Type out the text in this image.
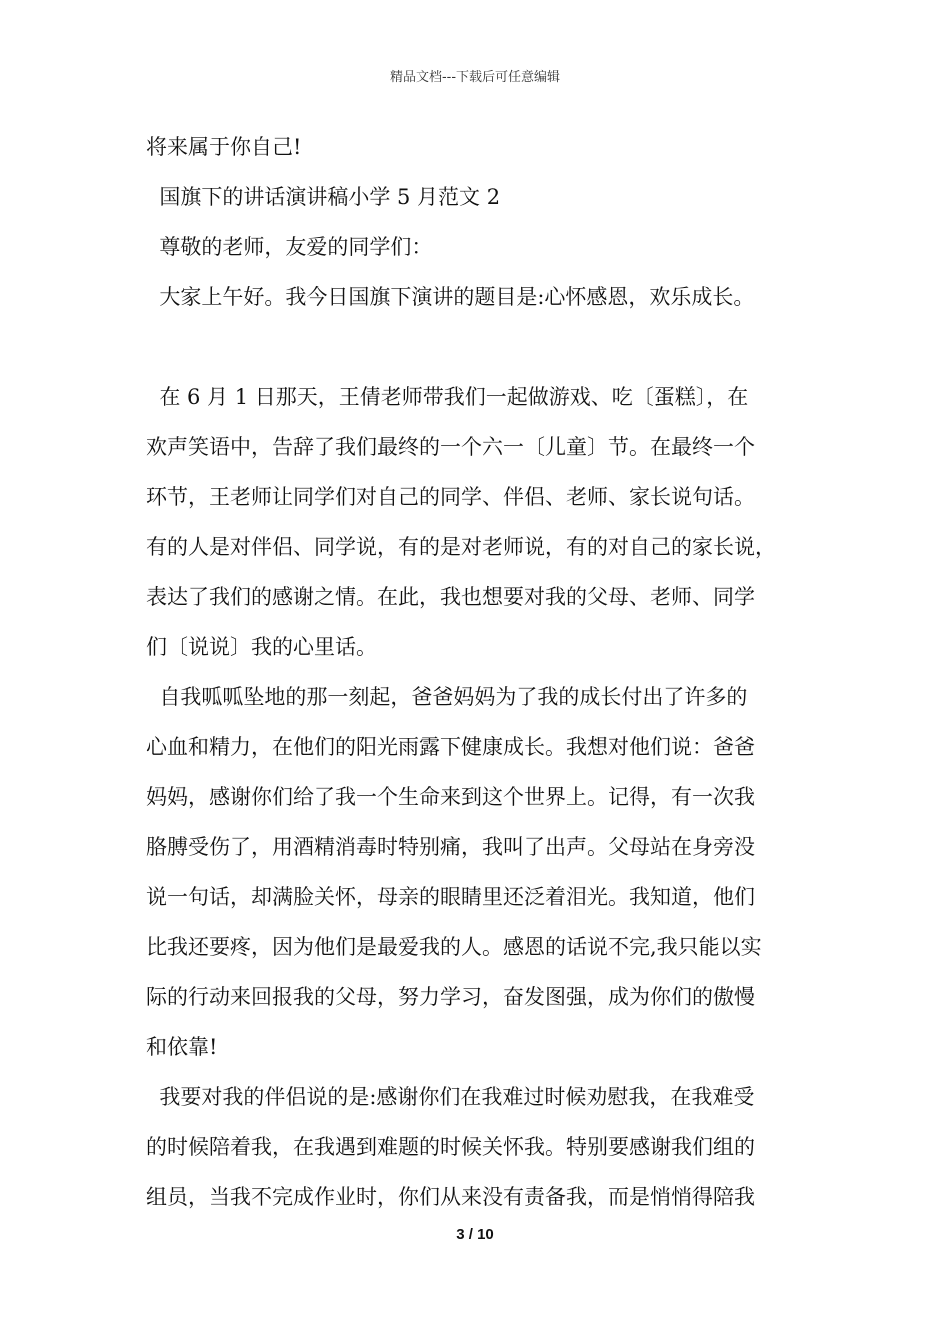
精品文档---下载后可任意编辑
将来属于你自己!
国旗下的讲话演讲稿小学 5 月范文 2
尊敬的老师，友爱的同学们：
大家上午好。我今日国旗下演讲的题目是:心怀感恩，欢乐成长。
在 6 月 1 日那天，王倩老师带我们一起做游戏、吃〔蛋糕〕，在
欢声笑语中，告辞了我们最终的一个六一〔儿童〕节。在最终一个
环节，王老师让同学们对自己的同学、伴侣、老师、家长说句话。
有的人是对伴侣、同学说，有的是对老师说，有的对自己的家长说，
表达了我们的感谢之情。在此，我也想要对我的父母、老师、同学
们〔说说〕我的心里话。
自我呱呱坠地的那一刻起，爸爸妈妈为了我的成长付出了许多的
心血和精力，在他们的阳光雨露下健康成长。我想对他们说：爸爸
妈妈，感谢你们给了我一个生命来到这个世界上。记得，有一次我
胳膊受伤了，用酒精消毒时特别痛，我叫了出声。父母站在身旁没
说一句话，却满脸关怀，母亲的眼睛里还泛着泪光。我知道，他们
比我还要疼，因为他们是最爱我的人。感恩的话说不完,我只能以实
际的行动来回报我的父母，努力学习，奋发图强，成为你们的傲慢
和依靠!
我要对我的伴侣说的是:感谢你们在我难过时候劝慰我，在我难受
的时候陪着我，在我遇到难题的时候关怀我。特别要感谢我们组的
组员，当我不完成作业时，你们从来没有责备我，而是悄悄得陪我
3 / 10
